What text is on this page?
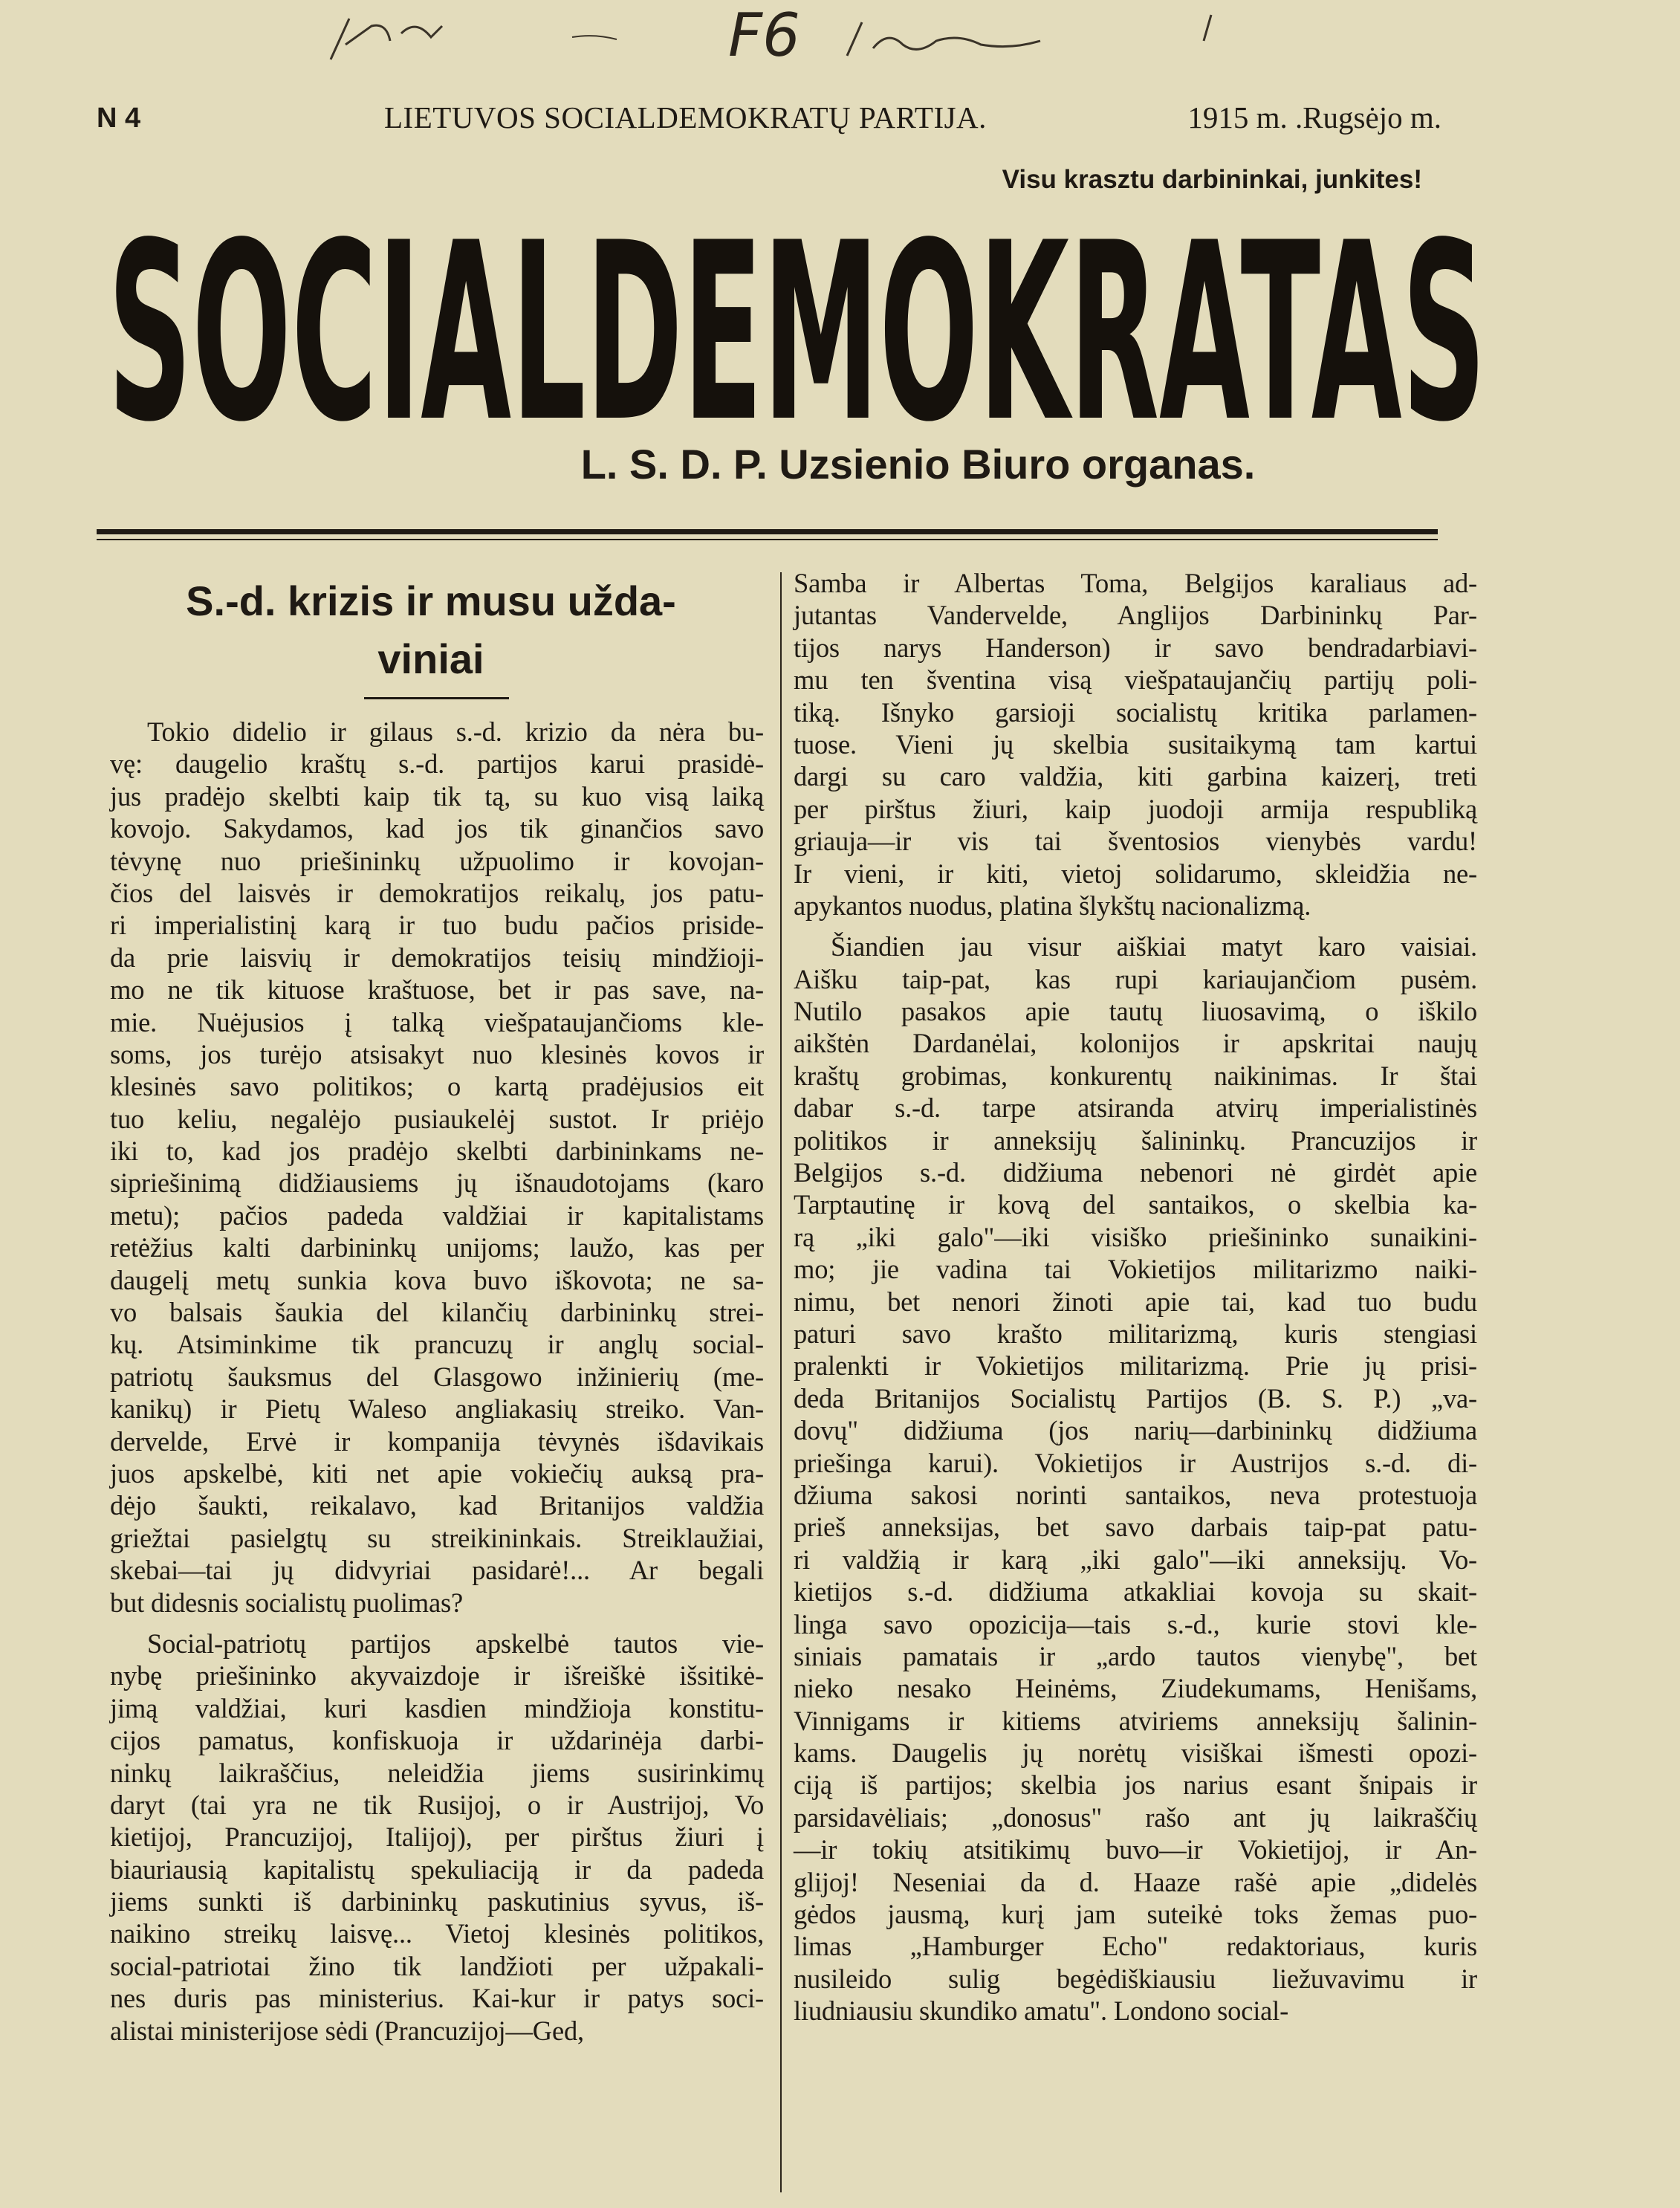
F6
N 4	LIETUVOS SOCIALDEMOKRATŲ PARTIJA.	1915 m. .Rugsėjo m.
Visu krasztu darbininkai, junkites!
SOCIALDEMOKRATAS
L. S. D. P. Uzsienio Biuro organas.
S.-d. krizis ir musu užda-
viniai
Tokio didelio ir gilaus s.-d. krizio da nėra bu-
vę: daugelio kraštų s.-d. partijos karui prasidė-
jus pradėjo skelbti kaip tik tą, su kuo visą laiką
kovojo. Sakydamos, kad jos tik ginančios savo
tėvynę nuo priešininkų užpuolimo ir kovojan-
čios del laisvės ir demokratijos reikalų, jos patu-
ri imperialistinį karą ir tuo budu pačios priside-
da prie laisvių ir demokratijos teisių mindžioji-
mo ne tik kituose kraštuose, bet ir pas save, na-
mie. Nuėjusios į talką viešpataujančioms kle-
soms, jos turėjo atsisakyt nuo klesinės kovos ir
klesinės savo politikos; o kartą pradėjusios eit
tuo keliu, negalėjo pusiaukelėj sustot. Ir priėjo
iki to, kad jos pradėjo skelbti darbininkams ne-
sipriešinimą didžiausiems jų išnaudotojams (karo
metu); pačios padeda valdžiai ir kapitalistams
retėžius kalti darbininkų unijoms; laužo, kas per
daugelį metų sunkia kova buvo iškovota; ne sa-
vo balsais šaukia del kilančių darbininkų strei-
kų. Atsiminkime tik prancuzų ir anglų social-
patriotų šauksmus del Glasgowo inžinierių (me-
kanikų) ir Pietų Waleso angliakasių streiko. Van-
dervelde, Ervė ir kompanija tėvynės išdavikais
juos apskelbė, kiti net apie vokiečių auksą pra-
dėjo šaukti, reikalavo, kad Britanijos valdžia
griežtai pasielgtų su streikininkais. Streiklaužiai,
skebai—tai jų didvyriai pasidarė!... Ar begali
but didesnis socialistų puolimas?
Social-patriotų partijos apskelbė tautos vie-
nybę priešininko akyvaizdoje ir išreiškė išsitikė-
jimą valdžiai, kuri kasdien mindžioja konstitu-
cijos pamatus, konfiskuoja ir uždarinėja darbi-
ninkų laikraščius, neleidžia jiems susirinkimų
daryt (tai yra ne tik Rusijoj, o ir Austrijoj, Vo
kietijoj, Prancuzijoj, Italijoj), per pirštus žiuri į
biauriausią kapitalistų spekuliaciją ir da padeda
jiems sunkti iš darbininkų paskutinius syvus, iš-
naikino streikų laisvę... Vietoj klesinės politikos,
social-patriotai žino tik landžioti per užpakali-
nes duris pas ministerius. Kai-kur ir patys soci-
alistai ministerijose sėdi (Prancuzijoj—Ged,
Samba ir Albertas Toma, Belgijos karaliaus ad-
jutantas Vandervelde, Anglijos Darbininkų Par-
tijos narys Handerson) ir savo bendradarbiavi-
mu ten šventina visą viešpataujančių partijų poli-
tiką. Išnyko garsioji socialistų kritika parlamen-
tuose. Vieni jų skelbia susitaikymą tam kartui
dargi su caro valdžia, kiti garbina kaizerį, treti
per pirštus žiuri, kaip juodoji armija respubliką
griauja—ir vis tai šventosios vienybės vardu!
Ir vieni, ir kiti, vietoj solidarumo, skleidžia ne-
apykantos nuodus, platina šlykštų nacionalizmą.
Šiandien jau visur aiškiai matyt karo vaisiai.
Aišku taip-pat, kas rupi kariaujančiom pusėm.
Nutilo pasakos apie tautų liuosavimą, o iškilo
aikštėn Dardanėlai, kolonijos ir apskritai naujų
kraštų grobimas, konkurentų naikinimas. Ir štai
dabar s.-d. tarpe atsiranda atvirų imperialistinės
politikos ir anneksijų šalininkų. Prancuzijos ir
Belgijos s.-d. didžiuma nebenori nė girdėt apie
Tarptautinę ir kovą del santaikos, o skelbia ka-
rą „iki galo"—iki visiško priešininko sunaikini-
mo; jie vadina tai Vokietijos militarizmo naiki-
nimu, bet nenori žinoti apie tai, kad tuo budu
paturi savo krašto militarizmą, kuris stengiasi
pralenkti ir Vokietijos militarizmą. Prie jų prisi-
deda Britanijos Socialistų Partijos (B. S. P.) „va-
dovų" didžiuma (jos narių—darbininkų didžiuma
priešinga karui). Vokietijos ir Austrijos s.-d. di-
džiuma sakosi norinti santaikos, neva protestuoja
prieš anneksijas, bet savo darbais taip-pat patu-
ri valdžią ir karą „iki galo"—iki anneksijų. Vo-
kietijos s.-d. didžiuma atkakliai kovoja su skait-
linga savo opozicija—tais s.-d., kurie stovi kle-
siniais pamatais ir „ardo tautos vienybę", bet
nieko nesako Heinėms, Ziudekumams, Henišams,
Vinnigams ir kitiems atviriems anneksijų šalinin-
kams. Daugelis jų norėtų visiškai išmesti opozi-
ciją iš partijos; skelbia jos narius esant šnipais ir
parsidavėliais; „donosus" rašo ant jų laikraščių
—ir tokių atsitikimų buvo—ir Vokietijoj, ir An-
glijoj! Neseniai da d. Haaze rašė apie „didelės
gėdos jausmą, kurį jam suteikė toks žemas puo-
limas „Hamburger Echo" redaktoriaus, kuris
nusileido sulig begėdiškiausiu liežuvavimu ir
liudniausiu skundiko amatu". Londono social-
